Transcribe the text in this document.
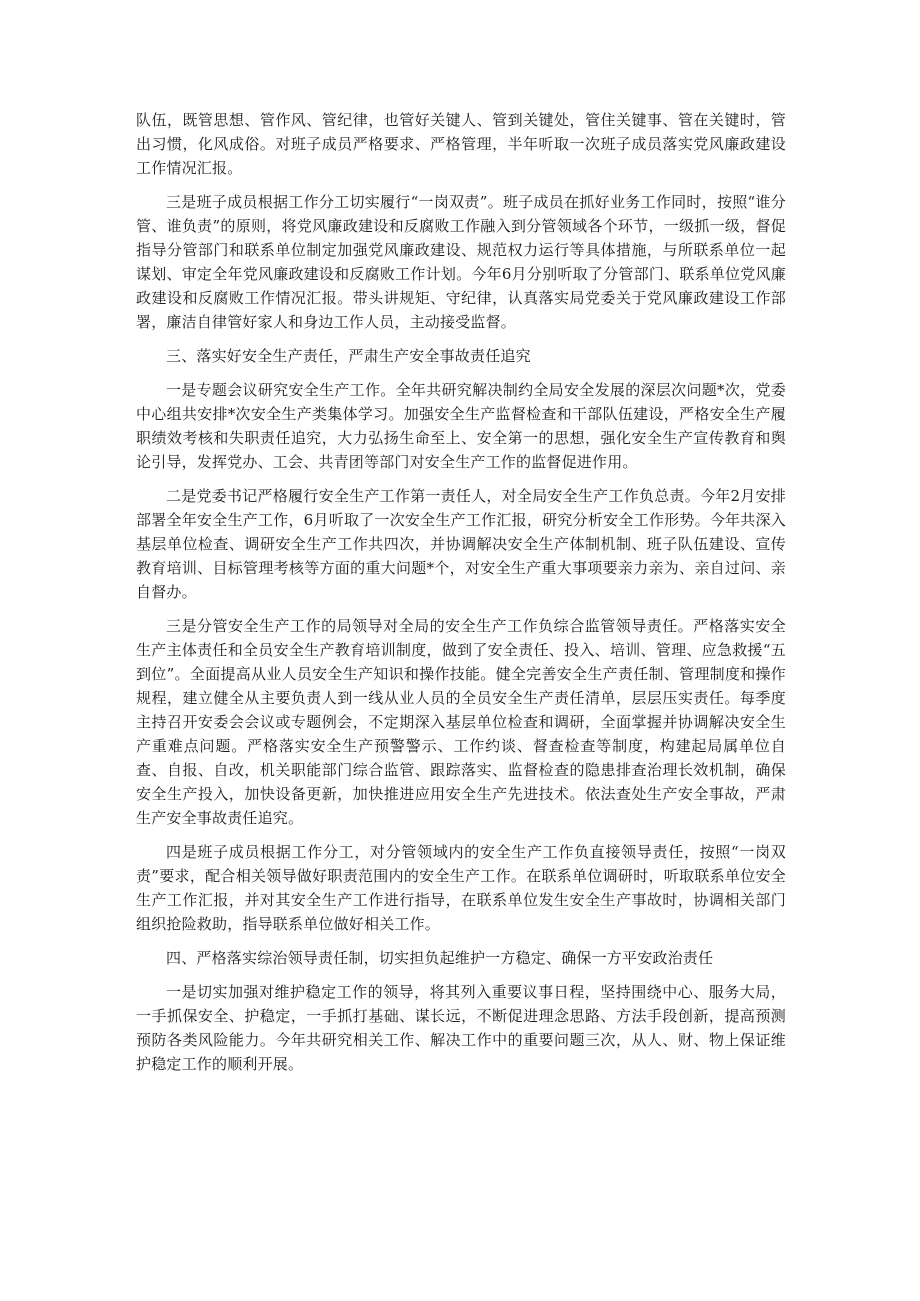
队伍，既管思想、管作风、管纪律，也管好关键人、管到关键处，管住关键事、管在关键时，管出习惯，化风成俗。对班子成员严格要求、严格管理，半年听取一次班子成员落实党风廉政建设工作情况汇报。

三是班子成员根据工作分工切实履行“一岗双责”。班子成员在抓好业务工作同时，按照“谁分管、谁负责”的原则，将党风廉政建设和反腐败工作融入到分管领域各个环节，一级抓一级，督促指导分管部门和联系单位制定加强党风廉政建设、规范权力运行等具体措施，与所联系单位一起谋划、审定全年党风廉政建设和反腐败工作计划。今年6月分别听取了分管部门、联系单位党风廉政建设和反腐败工作情况汇报。带头讲规矩、守纪律，认真落实局党委关于党风廉政建设工作部署，廉洁自律管好家人和身边工作人员，主动接受监督。

三、落实好安全生产责任，严肃生产安全事故责任追究

一是专题会议研究安全生产工作。全年共研究解决制约全局安全发展的深层次问题*次，党委中心组共安排*次安全生产类集体学习。加强安全生产监督检查和干部队伍建设，严格安全生产履职绩效考核和失职责任追究，大力弘扬生命至上、安全第一的思想，强化安全生产宣传教育和舆论引导，发挥党办、工会、共青团等部门对安全生产工作的监督促进作用。

二是党委书记严格履行安全生产工作第一责任人，对全局安全生产工作负总责。今年2月安排部署全年安全生产工作，6月听取了一次安全生产工作汇报，研究分析安全工作形势。今年共深入基层单位检查、调研安全生产工作共四次，并协调解决安全生产体制机制、班子队伍建设、宣传教育培训、目标管理考核等方面的重大问题*个，对安全生产重大事项要亲力亲为、亲自过问、亲自督办。

三是分管安全生产工作的局领导对全局的安全生产工作负综合监管领导责任。严格落实安全生产主体责任和全员安全生产教育培训制度，做到了安全责任、投入、培训、管理、应急救援“五到位”。全面提高从业人员安全生产知识和操作技能。健全完善安全生产责任制、管理制度和操作规程，建立健全从主要负责人到一线从业人员的全员安全生产责任清单，层层压实责任。每季度主持召开安委会会议或专题例会，不定期深入基层单位检查和调研，全面掌握并协调解决安全生产重难点问题。严格落实安全生产预警警示、工作约谈、督查检查等制度，构建起局属单位自查、自报、自改，机关职能部门综合监管、跟踪落实、监督检查的隐患排查治理长效机制，确保安全生产投入，加快设备更新，加快推进应用安全生产先进技术。依法查处生产安全事故，严肃生产安全事故责任追究。

四是班子成员根据工作分工，对分管领域内的安全生产工作负直接领导责任，按照“一岗双责”要求，配合相关领导做好职责范围内的安全生产工作。在联系单位调研时，听取联系单位安全生产工作汇报，并对其安全生产工作进行指导，在联系单位发生安全生产事故时，协调相关部门组织抢险救助，指导联系单位做好相关工作。

四、严格落实综治领导责任制，切实担负起维护一方稳定、确保一方平安政治责任

一是切实加强对维护稳定工作的领导，将其列入重要议事日程，坚持围绕中心、服务大局，一手抓保安全、护稳定，一手抓打基础、谋长远，不断促进理念思路、方法手段创新，提高预测预防各类风险能力。今年共研究相关工作、解决工作中的重要问题三次，从人、财、物上保证维护稳定工作的顺利开展。
